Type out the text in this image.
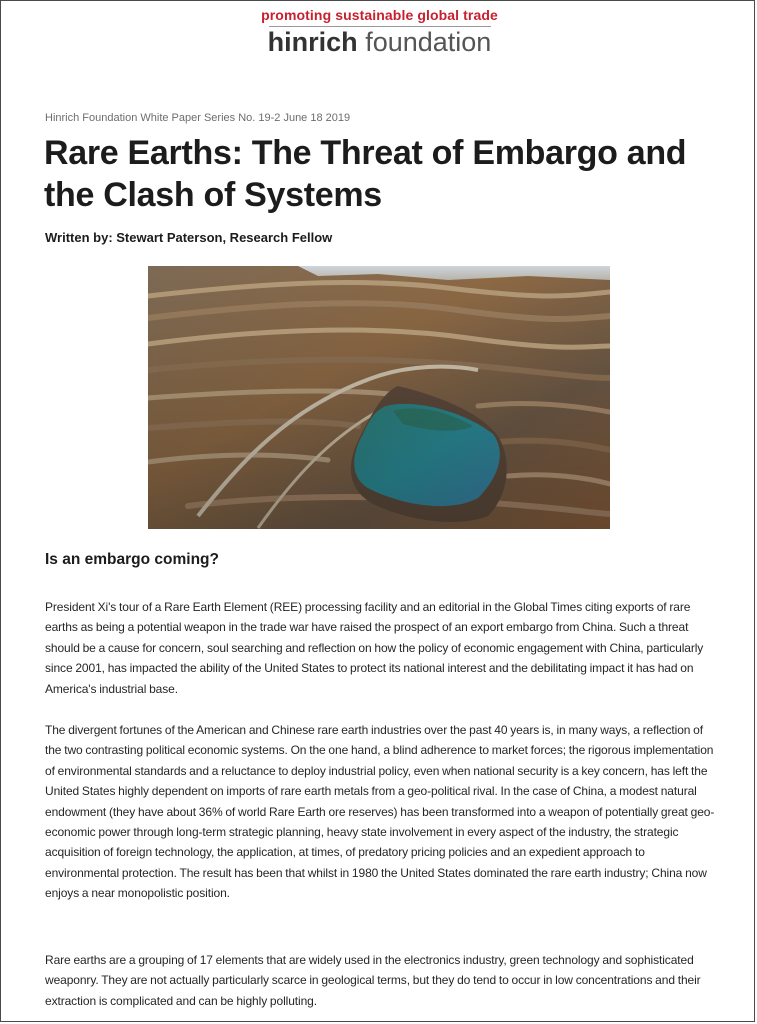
promoting sustainable global trade
hinrich foundation
Hinrich Foundation White Paper Series No. 19-2 June 18 2019
Rare Earths: The Threat of Embargo and the Clash of Systems
Written by: Stewart Paterson, Research Fellow
Is an embargo coming?

President Xi's tour of a Rare Earth Element (REE) processing facility and an editorial in the Global Times citing exports of rare earths as being a potential weapon in the trade war have raised the prospect of an export embargo from China. Such a threat should be a cause for concern, soul searching and reflection on how the policy of economic engagement with China, particularly since 2001, has impacted the ability of the United States to protect its national interest and the debilitating impact it has had on America's industrial base.

The divergent fortunes of the American and Chinese rare earth industries over the past 40 years is, in many ways, a reflection of the two contrasting political economic systems. On the one hand, a blind adherence to market forces; the rigorous implementation of environmental standards and a reluctance to deploy industrial policy, even when national security is a key concern, has left the United States highly dependent on imports of rare earth metals from a geo-political rival. In the case of China, a modest natural endowment (they have about 36% of world Rare Earth ore reserves) has been transformed into a weapon of potentially great geo-economic power through long-term strategic planning, heavy state involvement in every aspect of the industry, the strategic acquisition of foreign technology, the application, at times, of predatory pricing policies and an expedient approach to environmental protection. The result has been that whilst in 1980 the United States dominated the rare earth industry; China now enjoys a near monopolistic position.

Rare earths are a grouping of 17 elements that are widely used in the electronics industry, green technology and sophisticated weaponry. They are not actually particularly scarce in geological terms, but they do tend to occur in low concentrations and their extraction is complicated and can be highly polluting.
